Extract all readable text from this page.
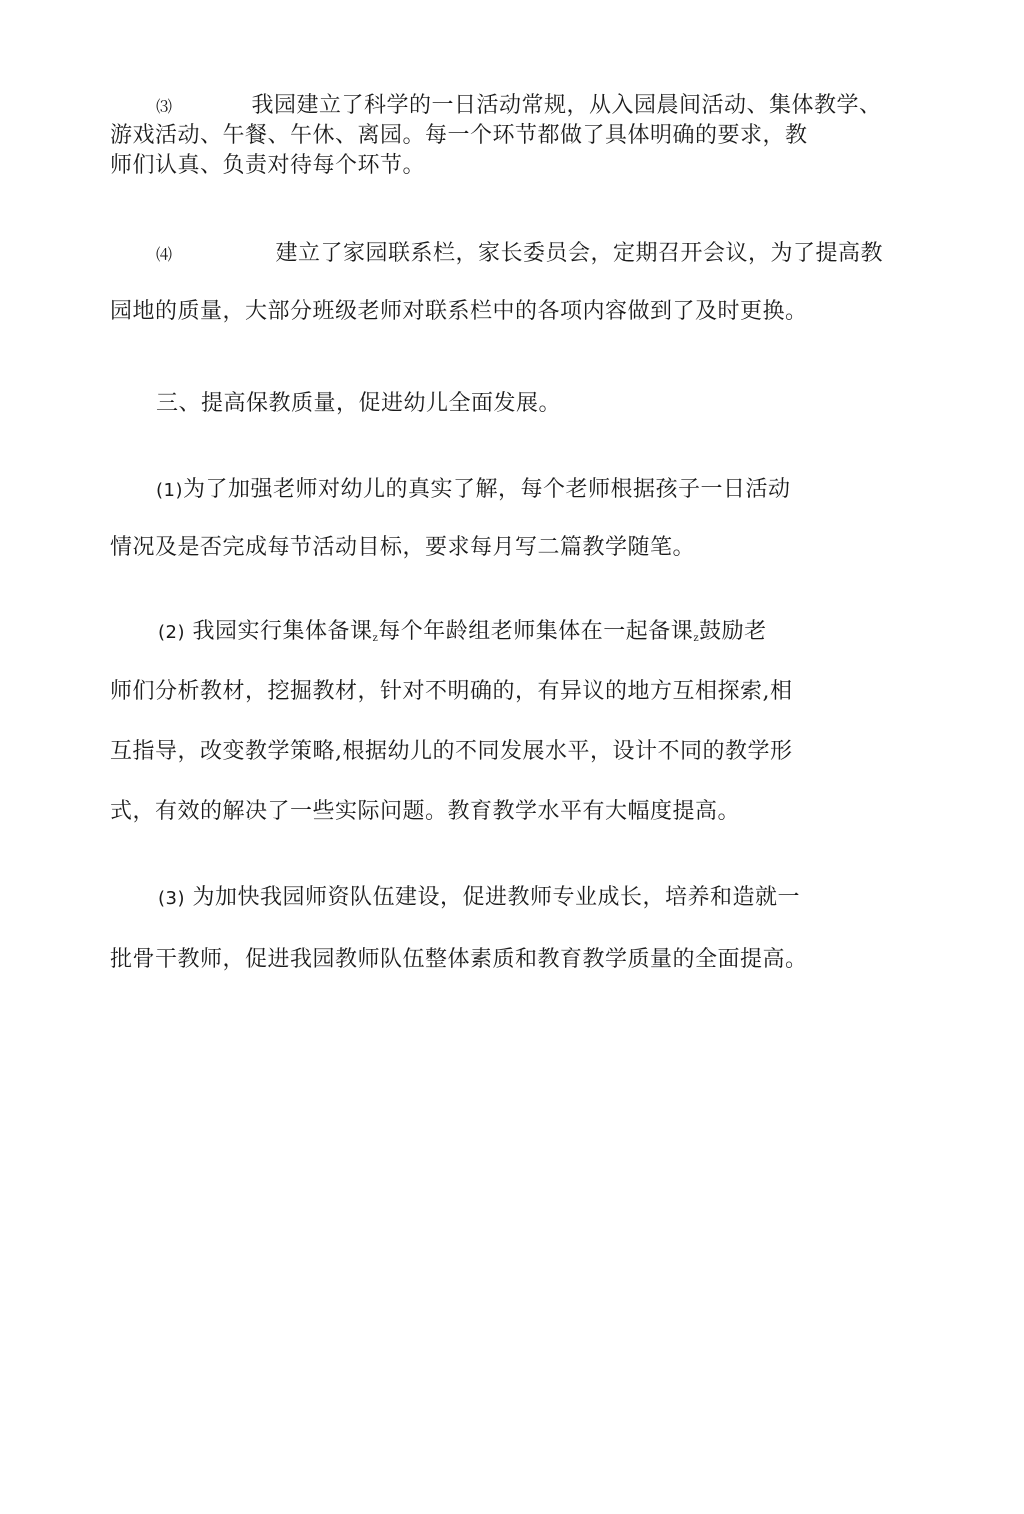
⑶	我园建立了科学的一日活动常规，从入园晨间活动、集体教学、
游戏活动、午餐、午休、离园。每一个环节都做了具体明确的要求，教
师们认真、负责对待每个环节。
⑷	建立了家园联系栏，家长委员会，定期召开会议，为了提高教
园地的质量，大部分班级老师对联系栏中的各项内容做到了及时更换。
三、提高保教质量，促进幼儿全面发展。
(1)为了加强老师对幼儿的真实了解，每个老师根据孩子一日活动
情况及是否完成每节活动目标，要求每月写二篇教学随笔。
(2) 我园实行集体备课$_z$每个年龄组老师集体在一起备课$_z$鼓励老
师们分析教材，挖掘教材，针对不明确的，有异议的地方互相探索,相
互指导，改变教学策略,根据幼儿的不同发展水平，设计不同的教学形
式，有效的解决了一些实际问题。教育教学水平有大幅度提高。
(3) 为加快我园师资队伍建设，促进教师专业成长，培养和造就一
批骨干教师，促进我园教师队伍整体素质和教育教学质量的全面提高。
